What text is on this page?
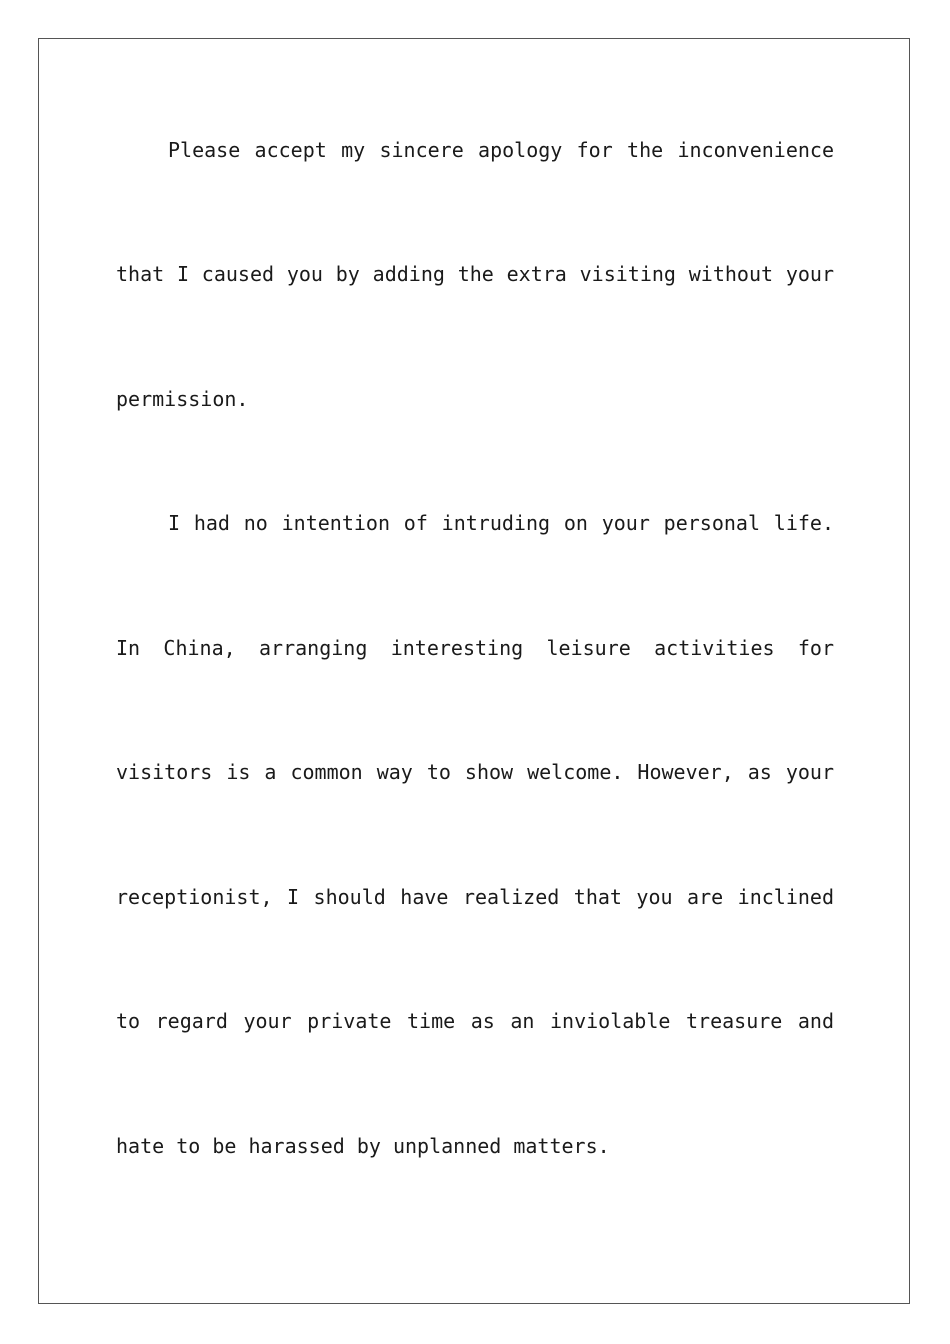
Please accept my sincere apology for the inconvenience

that I caused you by adding the extra visiting without your

permission.

I had no intention of intruding on your personal life.

In China, arranging interesting leisure activities for

visitors is a common way to show welcome. However, as your

receptionist, I should have realized that you are inclined

to regard your private time as an inviolable treasure and

hate to be harassed by unplanned matters.
